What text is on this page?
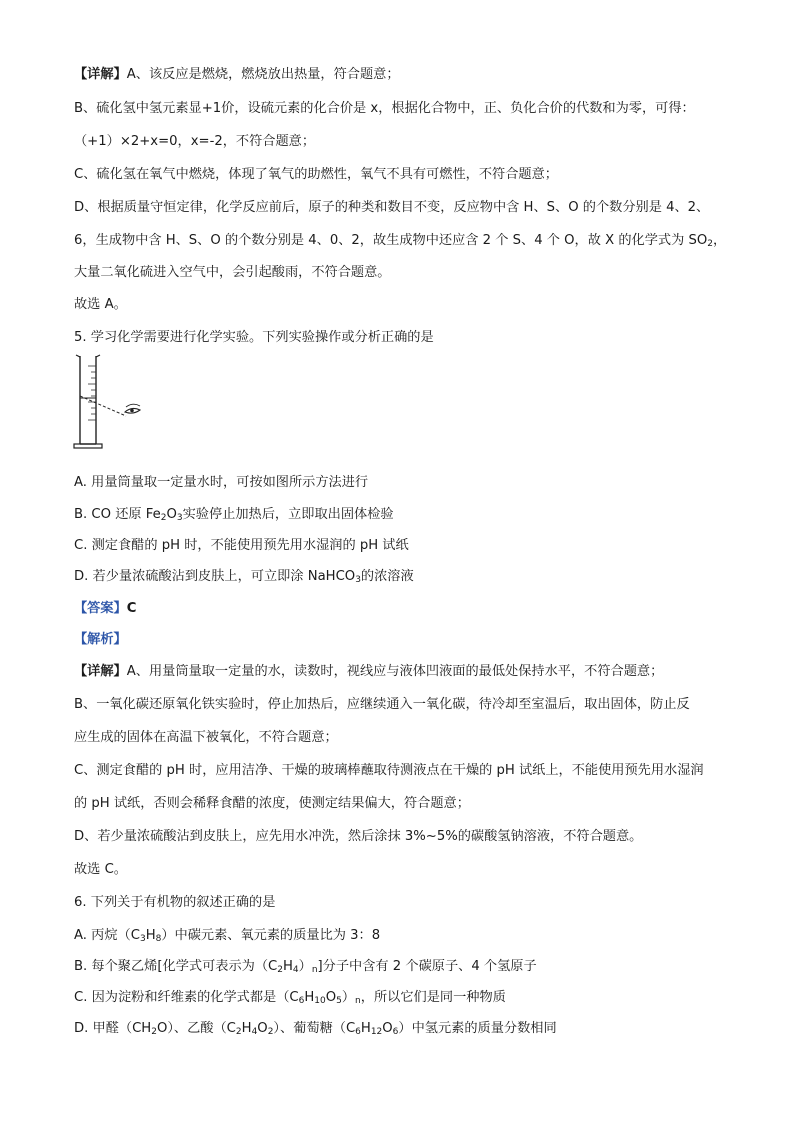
【详解】A、该反应是燃烧，燃烧放出热量，符合题意；
B、硫化氢中氢元素显+1价，设硫元素的化合价是 x，根据化合物中，正、负化合价的代数和为零，可得：
（+1）×2+x=0，x=-2，不符合题意；
C、硫化氢在氧气中燃烧，体现了氧气的助燃性，氧气不具有可燃性，不符合题意；
D、根据质量守恒定律，化学反应前后，原子的种类和数目不变，反应物中含 H、S、O 的个数分别是 4、2、
6，生成物中含 H、S、O 的个数分别是 4、0、2，故生成物中还应含 2 个 S、4 个 O，故 X 的化学式为 $SO_2$，
大量二氧化硫进入空气中，会引起酸雨，不符合题意。
故选 A。
5. 学习化学需要进行化学实验。下列实验操作或分析正确的是
A. 用量筒量取一定量水时，可按如图所示方法进行
B. CO 还原 $Fe_2O_3$实验停止加热后，立即取出固体检验
C. 测定食醋的 pH 时，不能使用预先用水湿润的 pH 试纸
D. 若少量浓硫酸沾到皮肤上，可立即涂 NaHCO$_3$的浓溶液
【答案】C
【解析】
【详解】A、用量筒量取一定量的水，读数时，视线应与液体凹液面的最低处保持水平，不符合题意；
B、一氧化碳还原氧化铁实验时，停止加热后，应继续通入一氧化碳，待冷却至室温后，取出固体，防止反
应生成的固体在高温下被氧化，不符合题意；
C、测定食醋的 pH 时，应用洁净、干燥的玻璃棒蘸取待测液点在干燥的 pH 试纸上，不能使用预先用水湿润
的 pH 试纸，否则会稀释食醋的浓度，使测定结果偏大，符合题意；
D、若少量浓硫酸沾到皮肤上，应先用水冲洗，然后涂抹 3%~5%的碳酸氢钠溶液，不符合题意。
故选 C。
6. 下列关于有机物的叙述正确的是
A. 丙烷$(C_3H_8)$中碳元素、氧元素的质量比为 3：8
B. 每个聚乙烯[化学式可表示为$(C_2H_4)_n$]分子中含有 2 个碳原子、4 个氢原子
C. 因为淀粉和纤维素的化学式都是$(C_6H_{10}O_5)_n$，所以它们是同一种物质
D. 甲醛$(CH_2O)$、乙酸$(C_2H_4O_2)$、葡萄糖$(C_6H_{12}O_6)$中氢元素的质量分数相同
